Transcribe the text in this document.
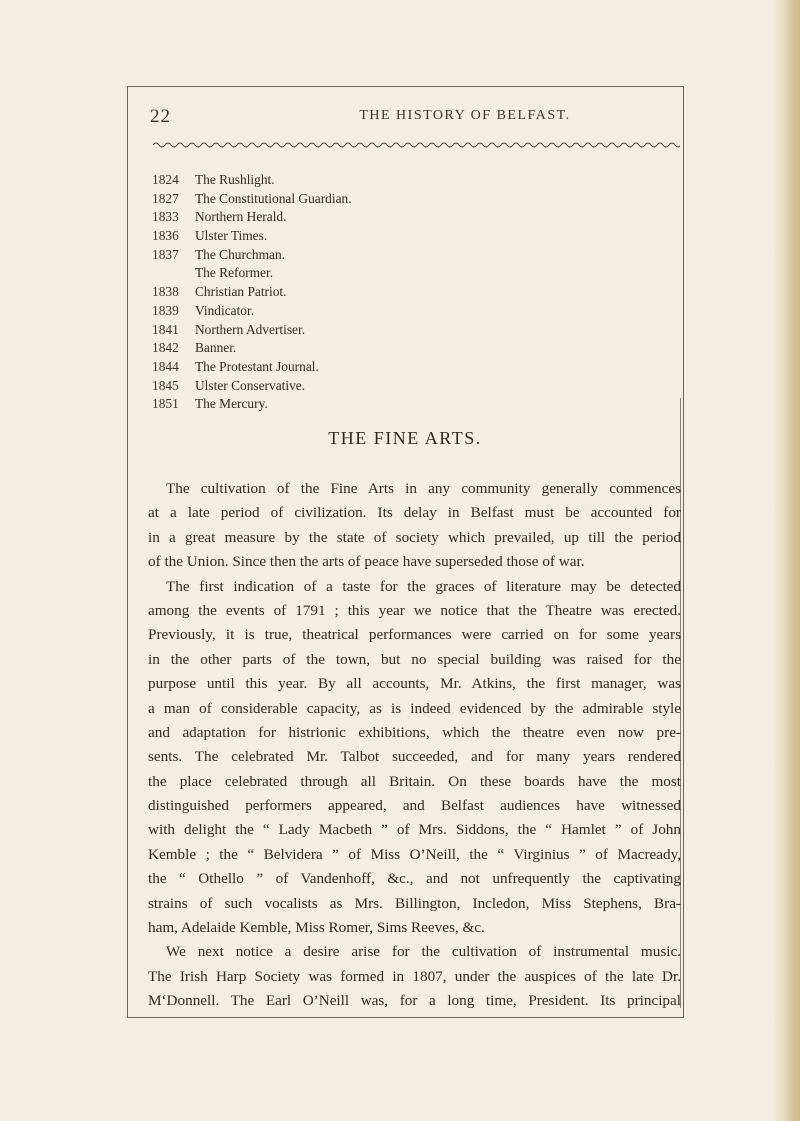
22	THE HISTORY OF BELFAST.
1824	The Rushlight.
1827	The Constitutional Guardian.
1833	Northern Herald.
1836	Ulster Times.
1837	The Churchman.
The Reformer.
1838	Christian Patriot.
1839	Vindicator.
1841	Northern Advertiser.
1842	Banner.
1844	The Protestant Journal.
1845	Ulster Conservative.
1851	The Mercury.
THE FINE ARTS.
The cultivation of the Fine Arts in any community generally commences
at a late period of civilization. Its delay in Belfast must be accounted for
in a great measure by the state of society which prevailed, up till the period
of the Union. Since then the arts of peace have superseded those of war.
The first indication of a taste for the graces of literature may be detected
among the events of 1791 ; this year we notice that the Theatre was erected.
Previously, it is true, theatrical performances were carried on for some years
in the other parts of the town, but no special building was raised for the
purpose until this year. By all accounts, Mr. Atkins, the first manager, was
a man of considerable capacity, as is indeed evidenced by the admirable style
and adaptation for histrionic exhibitions, which the theatre even now pre-
sents. The celebrated Mr. Talbot succeeded, and for many years rendered
the place celebrated through all Britain. On these boards have the most
distinguished performers appeared, and Belfast audiences have witnessed
with delight the “ Lady Macbeth ” of Mrs. Siddons, the “ Hamlet ” of John
Kemble ; the “ Belvidera ” of Miss O’Neill, the “ Virginius ” of Macready,
the “ Othello ” of Vandenhoff, &c., and not unfrequently the captivating
strains of such vocalists as Mrs. Billington, Incledon, Miss Stephens, Bra-
ham, Adelaide Kemble, Miss Romer, Sims Reeves, &c.
We next notice a desire arise for the cultivation of instrumental music.
The Irish Harp Society was formed in 1807, under the auspices of the late Dr.
M‘Donnell. The Earl O’Neill was, for a long time, President. Its principal
